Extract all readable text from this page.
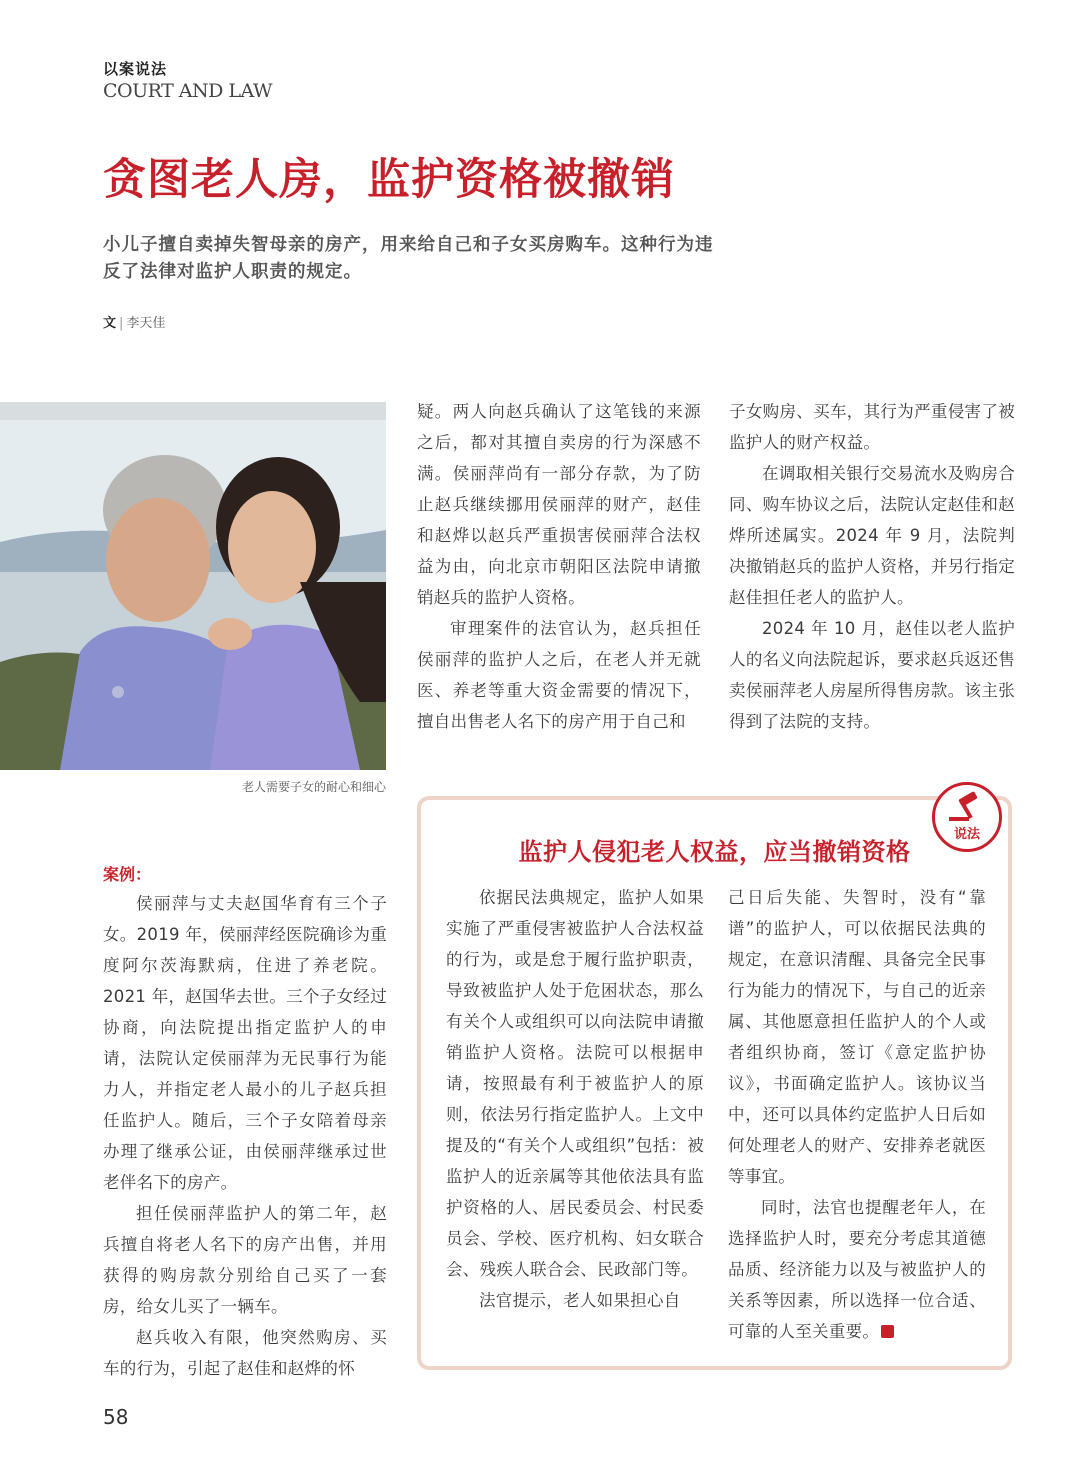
以案说法
COURT AND LAW
贪图老人房，监护资格被撤销
小儿子擅自卖掉失智母亲的房产，用来给自己和子女买房购车。这种行为违反了法律对监护人职责的规定。
文 | 李天佳
老人需要子女的耐心和细心

疑。两人向赵兵确认了这笔钱的来源之后，都对其擅自卖房的行为深感不满。侯丽萍尚有一部分存款，为了防止赵兵继续挪用侯丽萍的财产，赵佳和赵烨以赵兵严重损害侯丽萍合法权益为由，向北京市朝阳区法院申请撤销赵兵的监护人资格。

审理案件的法官认为，赵兵担任侯丽萍的监护人之后，在老人并无就医、养老等重大资金需要的情况下，擅自出售老人名下的房产用于自己和

子女购房、买车，其行为严重侵害了被监护人的财产权益。

在调取相关银行交易流水及购房合同、购车协议之后，法院认定赵佳和赵烨所述属实。2024 年 9 月，法院判决撤销赵兵的监护人资格，并另行指定赵佳担任老人的监护人。

2024 年 10 月，赵佳以老人监护人的名义向法院起诉，要求赵兵返还售卖侯丽萍老人房屋所得售房款。该主张得到了法院的支持。

案例：

侯丽萍与丈夫赵国华育有三个子女。2019 年，侯丽萍经医院确诊为重度阿尔茨海默病，住进了养老院。2021 年，赵国华去世。三个子女经过协商，向法院提出指定监护人的申请，法院认定侯丽萍为无民事行为能力人，并指定老人最小的儿子赵兵担任监护人。随后，三个子女陪着母亲办理了继承公证，由侯丽萍继承过世老伴名下的房产。

担任侯丽萍监护人的第二年，赵兵擅自将老人名下的房产出售，并用获得的购房款分别给自己买了一套房，给女儿买了一辆车。

赵兵收入有限，他突然购房、买车的行为，引起了赵佳和赵烨的怀

说法
监护人侵犯老人权益，应当撤销资格

依据民法典规定，监护人如果实施了严重侵害被监护人合法权益的行为，或是怠于履行监护职责，导致被监护人处于危困状态，那么有关个人或组织可以向法院申请撤销监护人资格。法院可以根据申请，按照最有利于被监护人的原则，依法另行指定监护人。上文中提及的“有关个人或组织”包括：被监护人的近亲属等其他依法具有监护资格的人、居民委员会、村民委员会、学校、医疗机构、妇女联合会、残疾人联合会、民政部门等。

法官提示，老人如果担心自

己日后失能、失智时，没有“靠谱”的监护人，可以依据民法典的规定，在意识清醒、具备完全民事行为能力的情况下，与自己的近亲属、其他愿意担任监护人的个人或者组织协商，签订《意定监护协议》，书面确定监护人。该协议当中，还可以具体约定监护人日后如何处理老人的财产、安排养老就医等事宜。

同时，法官也提醒老年人，在选择监护人时，要充分考虑其道德品质、经济能力以及与被监护人的关系等因素，所以选择一位合适、可靠的人至关重要。

58
